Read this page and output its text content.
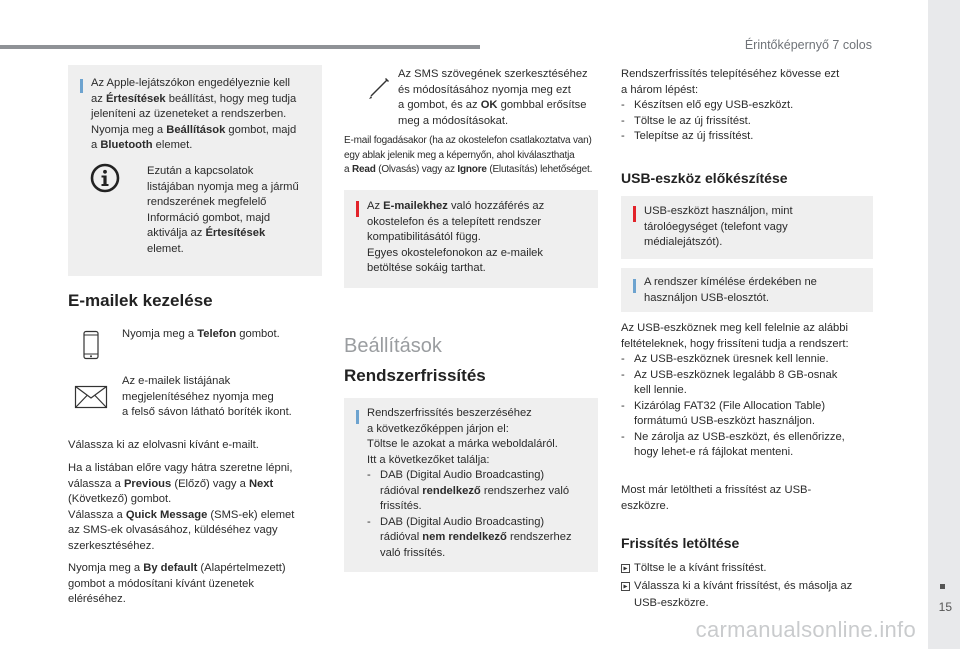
Érintőképernyő 7 colos
15
carmanualsonline.info
Az Apple-lejátszókon engedélyeznie kell
az Értesítések beállítást, hogy meg tudja
jeleníteni az üzeneteket a rendszerben.
Nyomja meg a Beállítások gombot, majd
a Bluetooth elemet.
Ezután a kapcsolatok
listájában nyomja meg a jármű
rendszerének megfelelő
Információ gombot, majd
aktiválja az Értesítések
elemet.
E-mailek kezelése
Nyomja meg a Telefon gombot.
Az e-mailek listájának
megjelenítéséhez nyomja meg
a felső sávon látható boríték ikont.
Válassza ki az elolvasni kívánt e-mailt.
Ha a listában előre vagy hátra szeretne lépni,
válassza a Previous (Előző) vagy a Next
(Következő) gombot.
Válassza a Quick Message (SMS-ek) elemet
az SMS-ek olvasásához, küldéséhez vagy
szerkesztéséhez.
Nyomja meg a By default (Alapértelmezett)
gombot a módosítani kívánt üzenetek
eléréséhez.
Az SMS szövegének szerkesztéséhez
és módosításához nyomja meg ezt
a gombot, és az OK gombbal erősítse
meg a módosításokat.
E-mail fogadásakor (ha az okostelefon csatlakoztatva van)
egy ablak jelenik meg a képernyőn, ahol kiválaszthatja
a Read (Olvasás) vagy az Ignore (Elutasítás) lehetőséget.
Az E-mailekhez való hozzáférés az
okostelefon és a telepített rendszer
kompatibilitásától függ.
Egyes okostelefonokon az e-mailek
betöltése sokáig tarthat.
Beállítások
Rendszerfrissítés
Rendszerfrissítés beszerzéséhez
a következőképpen járjon el:
Töltse le azokat a márka weboldaláról.
Itt a következőket találja:
- DAB (Digital Audio Broadcasting)
rádióval rendelkező rendszerhez való
frissítés.
- DAB (Digital Audio Broadcasting)
rádióval nem rendelkező rendszerhez
való frissítés.
Rendszerfrissítés telepítéséhez kövesse ezt
a három lépést:
- Készítsen elő egy USB-eszközt.
- Töltse le az új frissítést.
- Telepítse az új frissítést.
USB-eszköz előkészítése
USB-eszközt használjon, mint
tárolóegységet (telefont vagy
médialejátszót).
A rendszer kímélése érdekében ne
használjon USB-elosztót.
Az USB-eszköznek meg kell felelnie az alábbi
feltételeknek, hogy frissíteni tudja a rendszert:
- Az USB-eszköznek üresnek kell lennie.
- Az USB-eszköznek legalább 8 GB-osnak
kell lennie.
- Kizárólag FAT32 (File Allocation Table)
formátumú USB-eszközt használjon.
- Ne zárolja az USB-eszközt, és ellenőrizze,
hogy lehet-e rá fájlokat menteni.
Most már letöltheti a frissítést az USB-
eszközre.
Frissítés letöltése
Töltse le a kívánt frissítést.
Válassza ki a kívánt frissítést, és másolja az
USB-eszközre.
